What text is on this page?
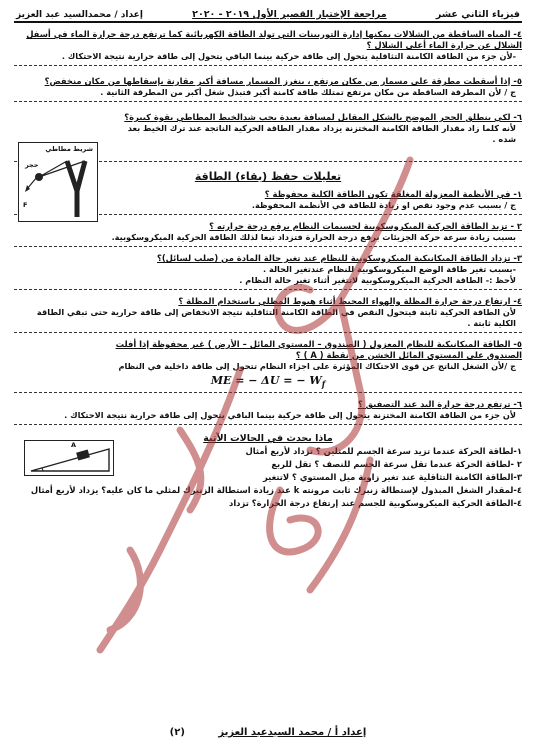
فيزياء الثاني عشر
مراجعة الإختبار القصير الأول ٢٠١٩ - ٢٠٢٠
إعداد / محمدالسيد عبد العزيز
٤- المياه الساقطة من الشلالات يمكنها إدارة التوربينات التي تولد الطاقة الكهربائية كما ترتفع درجة حرارة الماء في أسفل الشلال عن حرارة الماء أعلى الشلال ؟
-لأن جزء من الطاقة الكامنة التثاقلية يتحول إلى طاقة حركية بينما الباقي يتحول إلى طاقة حرارية نتيجة الاحتكاك .
٥- إذا أسقطت مطرقة على مسمار من مكان مرتفع ، ينغرز المسمار مسافة أكبر مقارنة بإسقاطها من مكان منخفض؟
ج / لأن المطرقة الساقطة من مكان مرتفع تمتلك طاقة كامنة أكبر فتبذل شغل أكبر من المطرقة الثانية .
٦- لكي ينطلق الحجر الموضح بالشكل المقابل لمسافة بعيدة يجب شدالخيط المطاطي بقوة كبيرة؟
لأنه كلما زاد مقدار الطاقة الكامنة المختزنة يزداد مقدار الطاقة الحركية الناتجة عند ترك الخيط بعد شده .
تعليلات حفظ (بقاء) الطاقة
١- في الأنظمة المعزولة المغلقة تكون الطاقة الكلية محفوظة ؟
ج / بسبب عدم وجود نقص او زيادة للطاقة في الأنظمة المحفوظة.
٢ - تزيد الطاقة الحركية الميكروسكوبية لجسيمات النظام برفع درجة حرارته ؟
بسبب زيادة سرعة حركة الجزيئات برفع درجة الحرارة فتزداد تبعا لذلك الطاقة الحركية الميكروسكوبية.
٣- تزداد الطاقة الميكانيكية الميكروسكوبية للنظام عند تغير حالة المادة من (صلب لسائل)؟
-بسبب تغير طاقة الوضع الميكروسكوبية للنظام عندتغير الحالة .
لأحظ :- الطاقة الحركية الميكروسكوبية لاتتغير أثناء تغير حالة النظام .
٤- ارتفاع درجة حرارة المظلة والهواء المحيط أثناء هبوط المظلي باستخدام المظلة ؟
لأن الطاقة الحركية ثابتة فيتحول النقص في الطاقة الكامنة التثاقلية نتيجة الانخفاض إلى طاقة حرارية حتى تبقي الطاقة الكلية ثابتة .
٥- الطاقة الميكانيكية للنظام المعزول ( الصندوق – المستوي المائل – الأرض ) غير محفوظة إذا أفلت الصندوق على المستوى المائل الخشن من نقطة ( A ) ؟
ج /لأن الشغل الناتج عن قوى الاحتكاك المؤثرة على اجزاء النظام تتحول إلى طاقة داخلية في النظام
ME = − ΔU = − $W_f$
٦- ترتفع درجة حرارة اليد عند التصفيق ؟
لأن جزء من الطاقة الكامنة المختزنة يتحول إلى طاقة حركية بينما الباقي يتحول إلى طاقة حرارية نتيجة الاحتكاك .
ماذا يحدث في الحالات الآتية
١-لطاقة الحركة عندما تزيد سرعة الجسم للمثلين ؟ تزداد لأربع أمثال
٢ -لطاقة الحركة عندما تقل سرعة الجسم للنصف ؟ تقل للربع
٣-الطاقة الكامنة التثاقلية عند تغير زاوية ميل المستوي ؟ لاتتغير
٤-لمقدار الشغل المبذول لإستطالة زنبرك ثابت مرونته k عند زيادة استطالة الزنبرك لمثلي ما كان عليه؟ يزداد لأربع أمثال
٤-الطاقة الحركية الميكروسكوبية للجسم عند إرتفاع درجة الحرارة؟ تزداد
إعداد أ / محمد السيدعبد العزيز (٢)
شريط مطاطي
حجر
F
A
